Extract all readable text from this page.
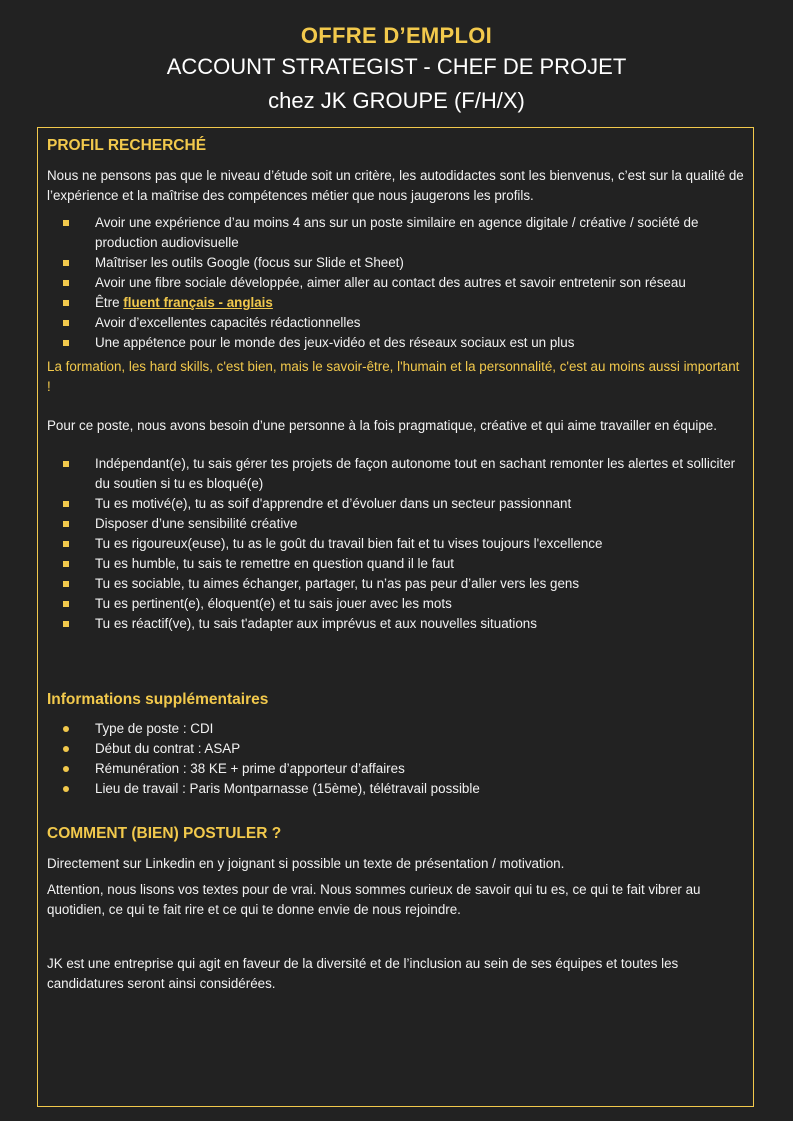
OFFRE D’EMPLOI
ACCOUNT STRATEGIST - CHEF DE PROJET
chez JK GROUPE (F/H/X)
PROFIL RECHERCHÉ

Nous ne pensons pas que le niveau d’étude soit un critère, les autodidactes sont les bienvenus, c’est sur la qualité de l’expérience et la maîtrise des compétences métier que nous jaugerons les profils.

Avoir une expérience d’au moins 4 ans sur un poste similaire en agence digitale / créative / société de production audiovisuelle
Maîtriser les outils Google (focus sur Slide et Sheet)
Avoir une fibre sociale développée, aimer aller au contact des autres et savoir entretenir son réseau
Être fluent français - anglais
Avoir d’excellentes capacités rédactionnelles
Une appétence pour le monde des jeux-vidéo et des réseaux sociaux est un plus

La formation, les hard skills, c'est bien, mais le savoir-être, l'humain et la personnalité, c'est au moins aussi important !

Pour ce poste, nous avons besoin d’une personne à la fois pragmatique, créative et qui aime travailler en équipe.

Indépendant(e), tu sais gérer tes projets de façon autonome tout en sachant remonter les alertes et solliciter du soutien si tu es bloqué(e)
Tu es motivé(e), tu as soif d'apprendre et d’évoluer dans un secteur passionnant
Disposer d’une sensibilité créative
Tu es rigoureux(euse), tu as le goût du travail bien fait et tu vises toujours l'excellence
Tu es humble, tu sais te remettre en question quand il le faut
Tu es sociable, tu aimes échanger, partager, tu n’as pas peur d’aller vers les gens
Tu es pertinent(e), éloquent(e) et tu sais jouer avec les mots
Tu es réactif(ve), tu sais t'adapter aux imprévus et aux nouvelles situations
Informations supplémentaires
Type de poste : CDI
Début du contrat : ASAP
Rémunération : 38 KE + prime d’apporteur d’affaires
Lieu de travail : Paris Montparnasse (15ème), télétravail possible
COMMENT (BIEN) POSTULER ?

Directement sur Linkedin en y joignant si possible un texte de présentation / motivation.

Attention, nous lisons vos textes pour de vrai. Nous sommes curieux de savoir qui tu es, ce qui te fait vibrer au quotidien, ce qui te fait rire et ce qui te donne envie de nous rejoindre.

JK est une entreprise qui agit en faveur de la diversité et de l’inclusion au sein de ses équipes et toutes les candidatures seront ainsi considérées.
